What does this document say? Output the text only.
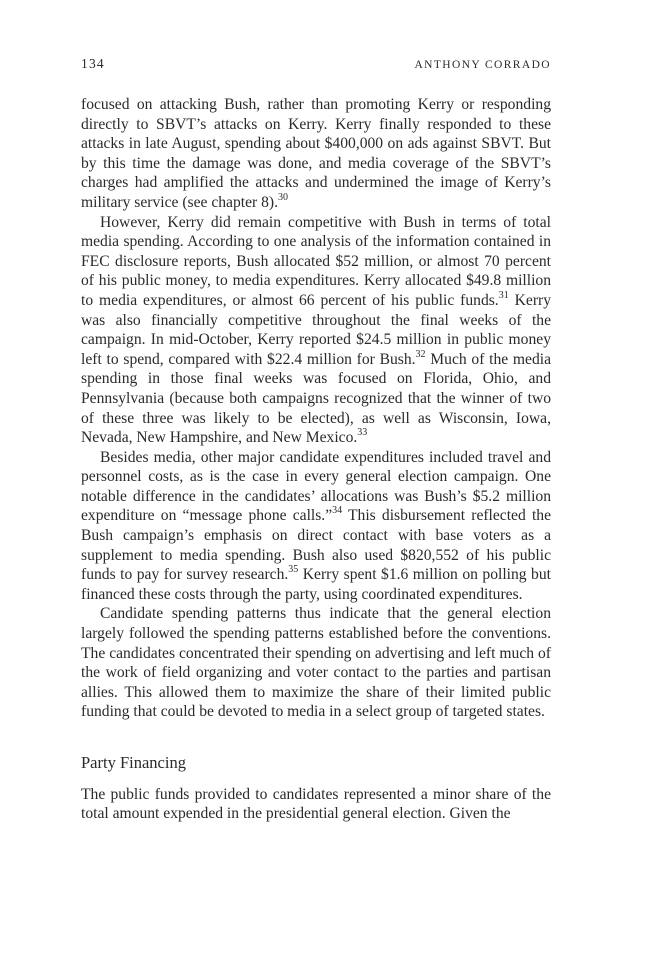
134	ANTHONY CORRADO

focused on attacking Bush, rather than promoting Kerry or responding directly to SBVT’s attacks on Kerry. Kerry finally responded to these attacks in late August, spending about $400,000 on ads against SBVT. But by this time the damage was done, and media coverage of the SBVT’s charges had amplified the attacks and undermined the image of Kerry’s military service (see chapter 8).$^{30}$

However, Kerry did remain competitive with Bush in terms of total media spending. According to one analysis of the information contained in FEC disclosure reports, Bush allocated $52 million, or almost 70 percent of his public money, to media expenditures. Kerry allocated $49.8 million to media expenditures, or almost 66 percent of his public funds.$^{31}$ Kerry was also financially competitive throughout the final weeks of the campaign. In mid-October, Kerry reported $24.5 million in public money left to spend, compared with $22.4 million for Bush.$^{32}$ Much of the media spending in those final weeks was focused on Florida, Ohio, and Pennsylvania (because both campaigns recognized that the winner of two of these three was likely to be elected), as well as Wisconsin, Iowa, Nevada, New Hampshire, and New Mexico.$^{33}$

Besides media, other major candidate expenditures included travel and personnel costs, as is the case in every general election campaign. One notable difference in the candidates’ allocations was Bush’s $5.2 million expenditure on “message phone calls.”$^{34}$ This disbursement reflected the Bush campaign’s emphasis on direct contact with base voters as a supplement to media spending. Bush also used $820,552 of his public funds to pay for survey research.$^{35}$ Kerry spent $1.6 million on polling but financed these costs through the party, using coordinated expenditures.

Candidate spending patterns thus indicate that the general election largely followed the spending patterns established before the conventions. The candidates concentrated their spending on advertising and left much of the work of field organizing and voter contact to the parties and partisan allies. This allowed them to maximize the share of their limited public funding that could be devoted to media in a select group of targeted states.

Party Financing

The public funds provided to candidates represented a minor share of the total amount expended in the presidential general election. Given the
